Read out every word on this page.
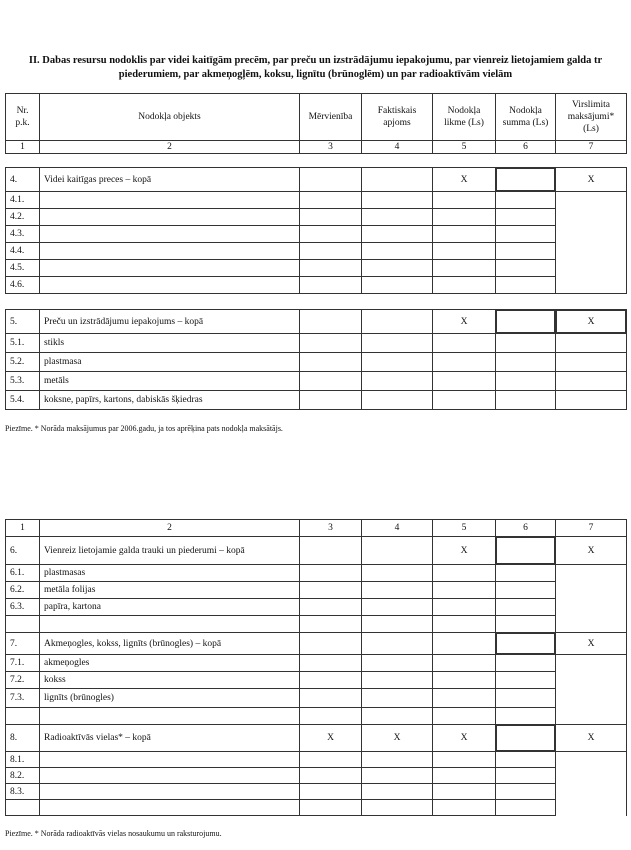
II. Dabas resursu nodoklis par videi kaitīgām precēm, par preču un izstrādājumu iepakojumu, par vienreiz lietojamiem galda tr
piederumiem, par akmeņogļēm, koksu, lignītu (brūnoglēm) un par radioaktīvām vielām
Nr. p.k.	Nodokļa objekts	Mērvienība	Faktiskais apjoms	Nodokļa likme (Ls)	Nodokļa summa (Ls)	Virslimita maksājumi* (Ls)
1	2	3	4	5	6	7

4.	Videi kaitīgas preces – kopā			X		X
4.1.						
4.2.						
4.3.						
4.4.						
4.5.						
4.6.						

5.	Preču un izstrādājumu iepakojums – kopā			X		X
5.1.	stikls					
5.2.	plastmasa					
5.3.	metāls					
5.4.	koksne, papīrs, kartons, dabiskās šķiedras					
Piezīme. * Norāda maksājumus par 2006.gadu, ja tos aprēķina pats nodokļa maksātājs.
1	2	3	4	5	6	7
6.	Vienreiz lietojamie galda trauki un piederumi – kopā			X		X
6.1.	plastmasas					
6.2.	metāla folijas					
6.3.	papīra, kartona					

7.	Akmeņogles, kokss, lignīts (brūnogles) – kopā					X
7.1.	akmeņogles					
7.2.	kokss					
7.3.	lignīts (brūnogles)					

8.	Radioaktīvās vielas* – kopā	X	X	X		X
8.1.						
8.2.						
8.3.						

Piezīme. * Norāda radioaktīvās vielas nosaukumu un raksturojumu.
